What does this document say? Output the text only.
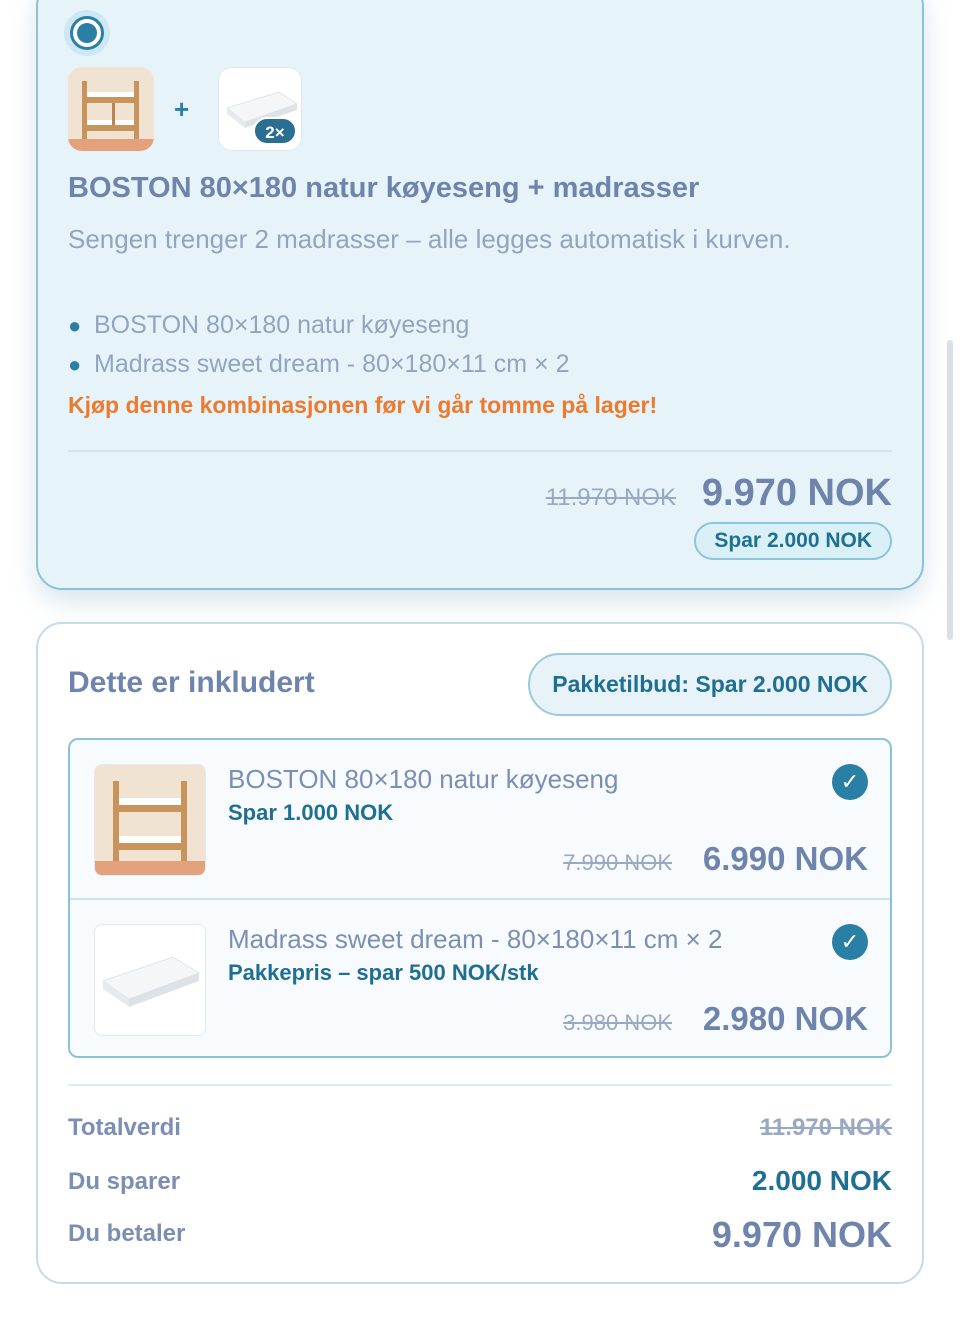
+
2×
BOSTON 80×180 natur køyeseng + madrasser
Sengen trenger 2 madrasser – alle legges automatisk i kurven.
● BOSTON 80×180 natur køyeseng
● Madrass sweet dream - 80×180×11 cm × 2
Kjøp denne kombinasjonen før vi går tomme på lager!
11.970 NOK 9.970 NOK
Spar 2.000 NOK
Dette er inkludert	Pakketilbud: Spar 2.000 NOK
BOSTON 80×180 natur køyeseng
Spar 1.000 NOK
✓
7.990 NOK 6.990 NOK
Madrass sweet dream - 80×180×11 cm × 2
Pakkepris – spar 500 NOK/stk
✓
3.980 NOK 2.980 NOK
Totalverdi	11.970 NOK
Du sparer	2.000 NOK
Du betaler	9.970 NOK
